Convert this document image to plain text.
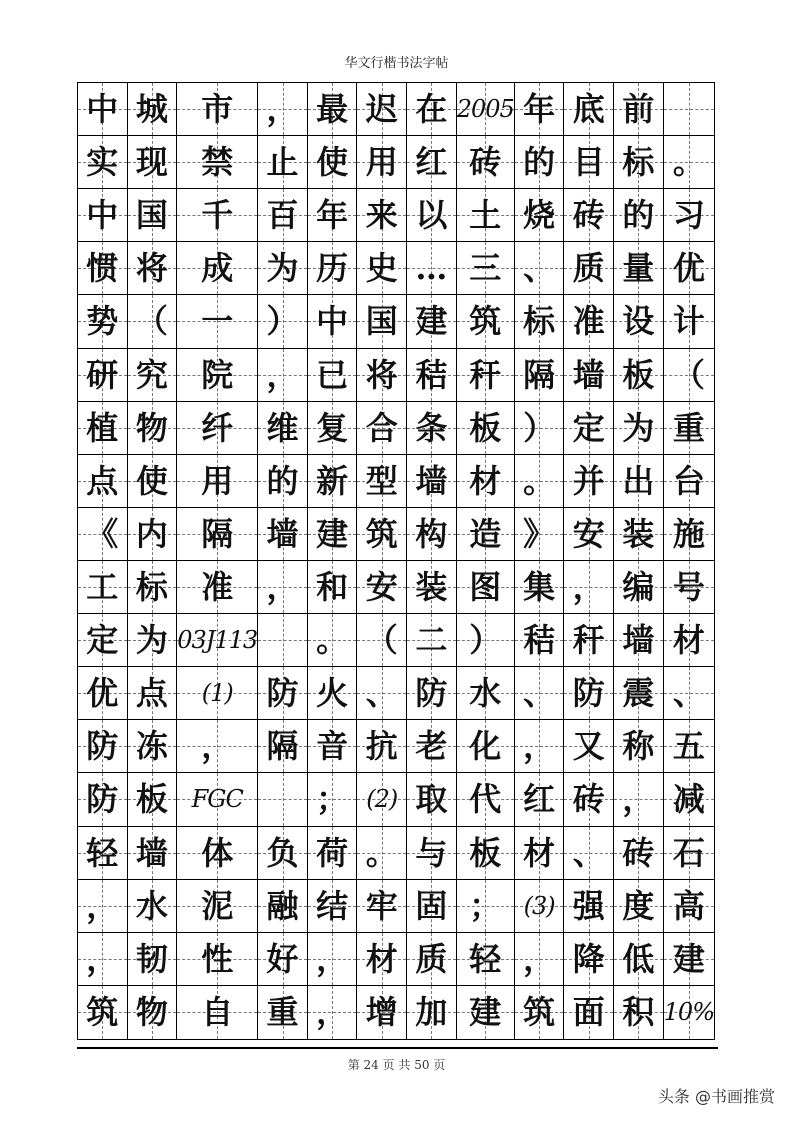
华文行楷书法字帖
中 城 市 ， 最 迟 在 2005 年 底 前
实 现 禁 止 使 用 红 砖 的 目 标 。
中 国 千 百 年 来 以 土 烧 砖 的 习
惯 将 成 为 历 史 … 三 、 质 量 优
势 （ 一 ） 中 国 建 筑 标 准 设 计
研 究 院 ， 已 将 秸 秆 隔 墙 板 （
植 物 纤 维 复 合 条 板 ） 定 为 重
点 使 用 的 新 型 墙 材 。 并 出 台
《 内 隔 墙 建 筑 构 造 》 安 装 施
工 标 准 ， 和 安 装 图 集 ， 编 号
定 为 03J113 。 （ 二 ） 秸 秆 墙 材
优 点 (1) 防 火 、 防 水 、 防 震 、
防 冻 ， 隔 音 抗 老 化 ， 又 称 五
防 板 FGC ； (2) 取 代 红 砖 ， 减
轻 墙 体 负 荷 。 与 板 材 、 砖 石
， 水 泥 融 结 牢 固 ； (3) 强 度 高
， 韧 性 好 ， 材 质 轻 ， 降 低 建
筑 物 自 重 ， 增 加 建 筑 面 积 10%
第 24 页 共 50 页
头条 @书画推赏
